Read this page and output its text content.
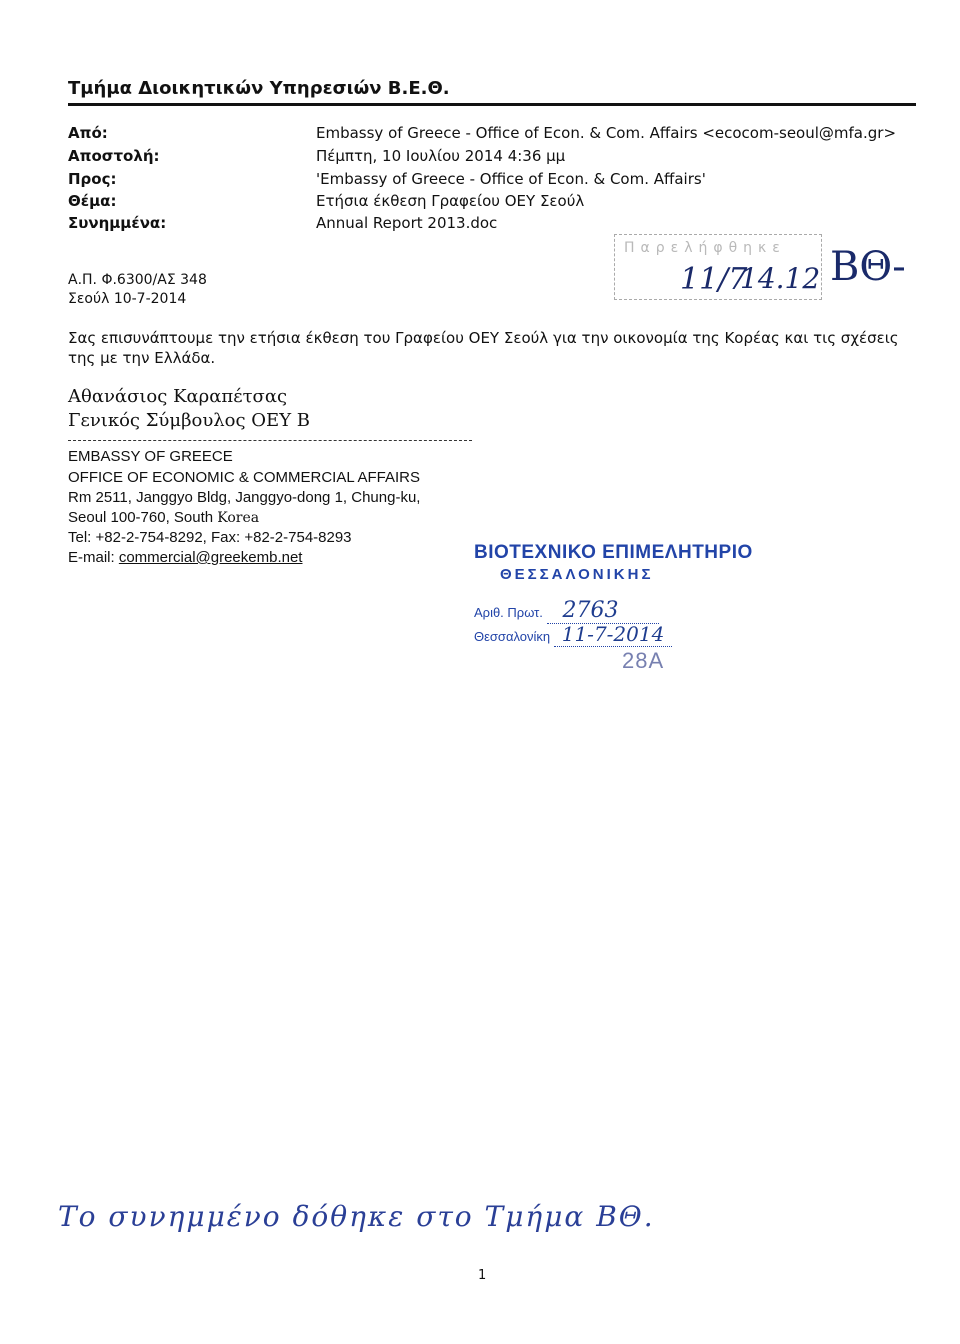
Τμήμα Διοικητικών Υπηρεσιών Β.Ε.Θ.
Από:	Embassy of Greece - Office of Econ. & Com. Affairs <ecocom-seoul@mfa.gr>
Αποστολή:	Πέμπτη, 10 Ιουλίου 2014 4:36 μμ
Προς:	'Embassy of Greece - Office of Econ. & Com. Affairs'
Θέμα:	Ετήσια έκθεση Γραφείου ΟΕΥ Σεούλ
Συνημμένα:	Annual Report 2013.doc
Α.Π. Φ.6300/ΑΣ 348
Σεούλ 10-7-2014
Παρελήφθηκε
11/7
14.12 ΒΘ-
Σας επισυνάπτουμε την ετήσια έκθεση του Γραφείου ΟΕΥ Σεούλ για την οικονομία της Κορέας και τις σχέσεις της με την Ελλάδα.
Αθανάσιος Καραπέτσας
Γενικός Σύμβουλος ΟΕΥ Β
EMBASSY OF GREECE
OFFICE OF ECONOMIC & COMMERCIAL AFFAIRS
Rm 2511, Janggyo Bldg, Janggyo-dong 1, Chung-ku,
Seoul 100-760, South Korea
Tel: +82-2-754-8292, Fax: +82-2-754-8293
E-mail: commercial@greekemb.net	ΒΙΟΤΕΧΝΙΚΟ ΕΠΙΜΕΛΗΤΗΡΙΟ
ΘΕΣΣΑΛΟΝΙΚΗΣ
Αριθ. Πρωτ. 2763
Θεσσαλονίκη 11-7-2014
28A
Το συνημμένο δόθηκε στο Τμήμα ΒΘ.
1
